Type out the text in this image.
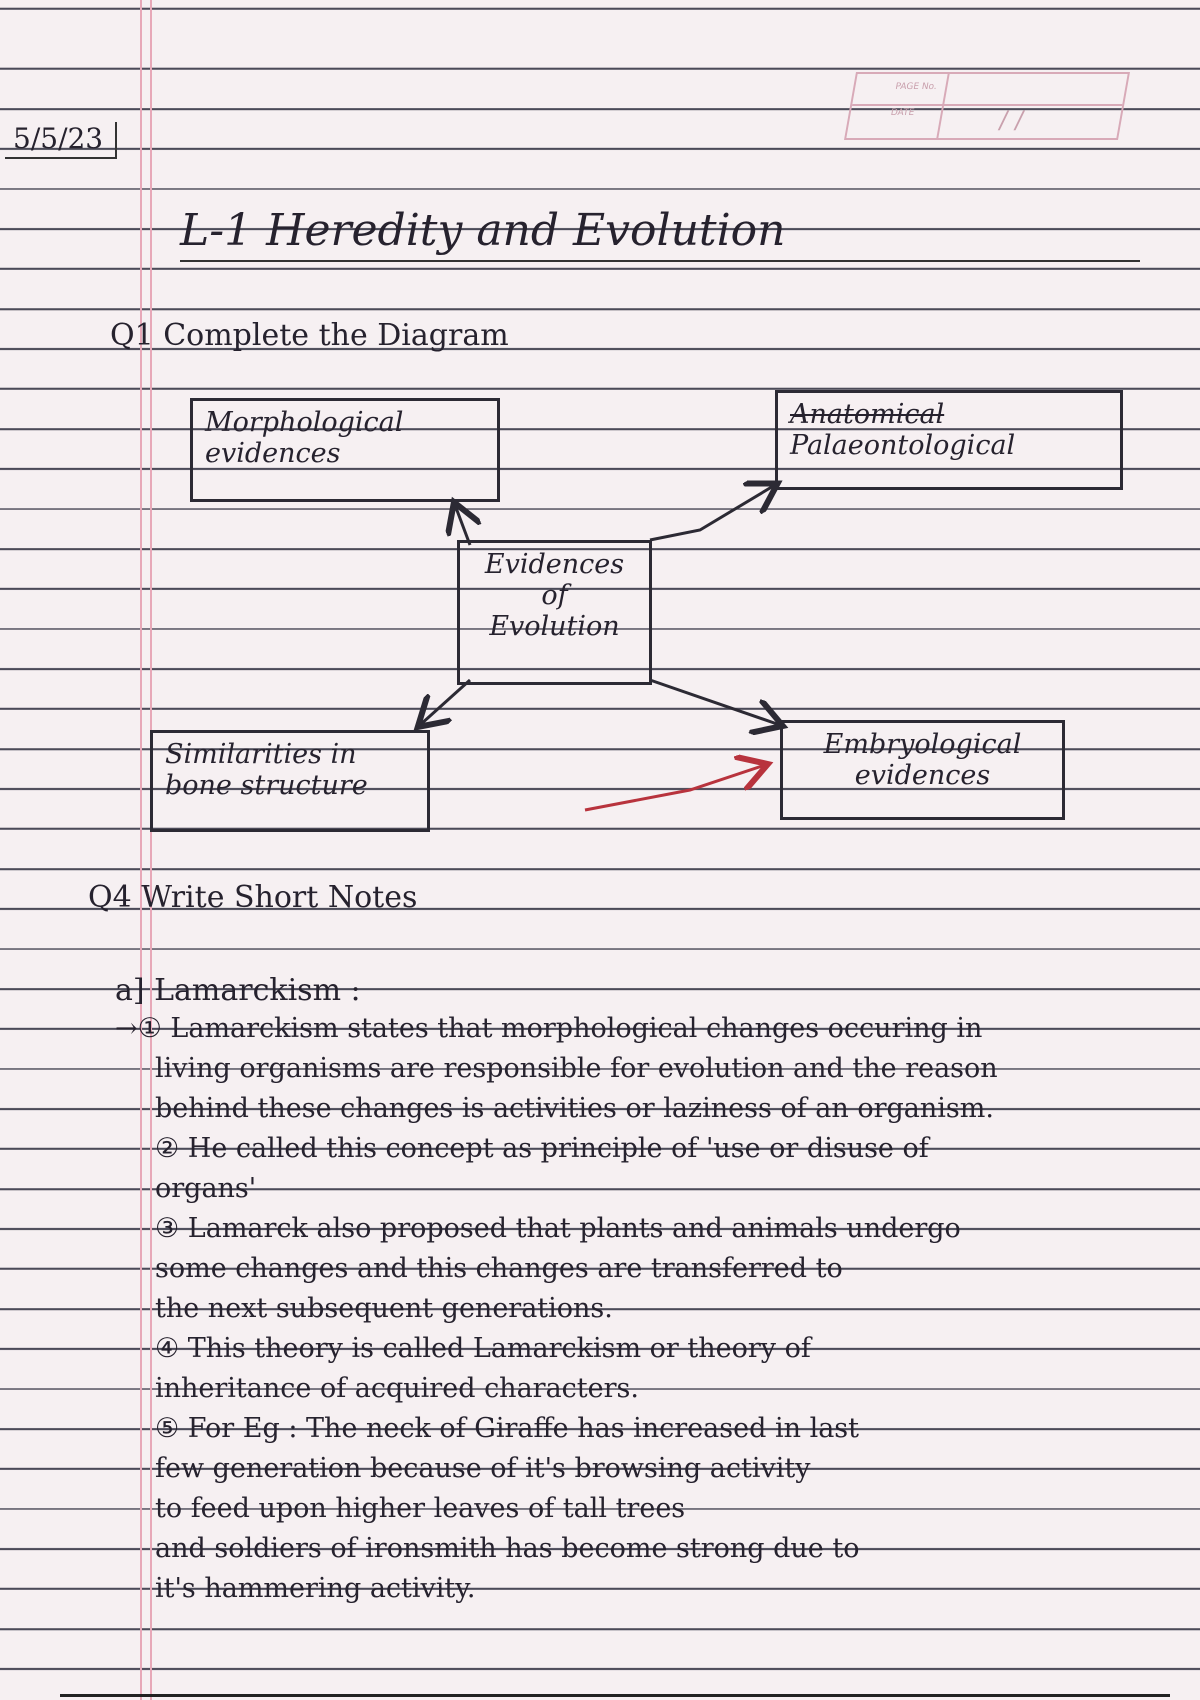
PAGE No.
DATE	/ /
5/5/23
L-1 Heredity and Evolution
Q1 Complete the Diagram
Morphological
evidences
Anatomical
Palaeontological
Evidences
of
Evolution
Similarities in
bone structure
Embryological
evidences
Q4 Write Short Notes
a] Lamarckism :
→① Lamarckism states that morphological changes occuring in
living organisms are responsible for evolution and the reason
behind these changes is activities or laziness of an organism.
② He called this concept as principle of 'use or disuse of
organs'
③ Lamarck also proposed that plants and animals undergo
some changes and this changes are transferred to
the next subsequent generations.
④ This theory is called Lamarckism or theory of
inheritance of acquired characters.
⑤ For Eg : The neck of Giraffe has increased in last
few generation because of it's browsing activity
to feed upon higher leaves of tall trees
and soldiers of ironsmith has become strong due to
it's hammering activity.
